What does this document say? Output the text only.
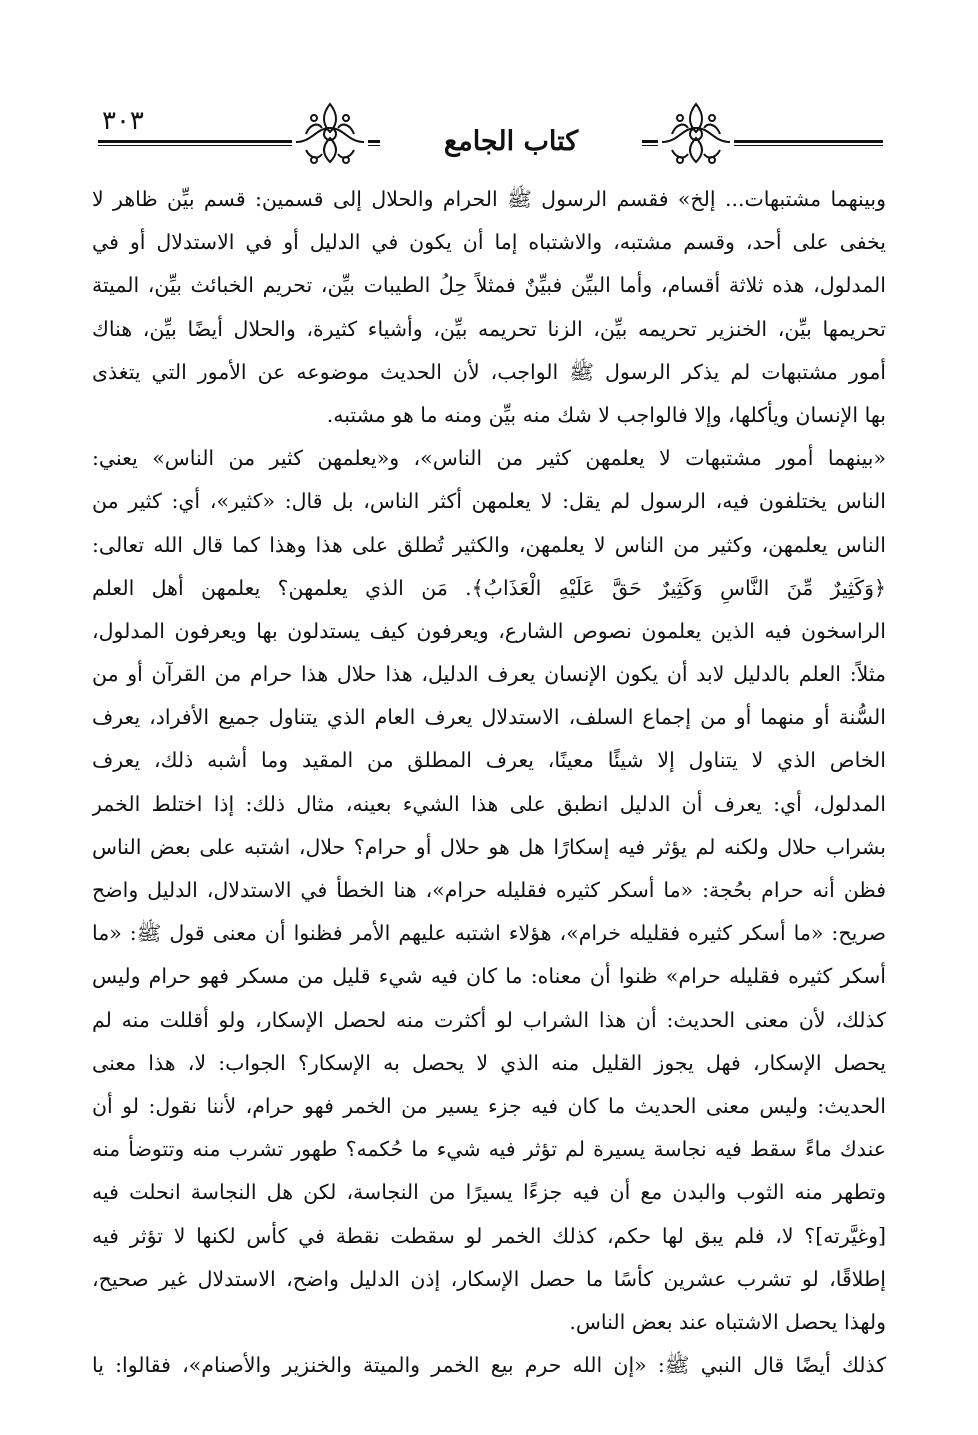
٣٠٣
كتاب الجامع
وبينهما مشتبهات... إلخ» فقسم الرسول ﷺ الحرام والحلال إلى قسمين: قسم بيِّن ظاهر لا
يخفى على أحد، وقسم مشتبه، والاشتباه إما أن يكون في الدليل أو في الاستدلال أو في
المدلول، هذه ثلاثة أقسام، وأما البيِّن فبيِّنٌ فمثلاً حِلُ الطيبات بيِّن، تحريم الخبائث بيِّن، الميتة
تحريمها بيِّن، الخنزير تحريمه بيِّن، الزنا تحريمه بيِّن، وأشياء كثيرة، والحلال أيضًا بيِّن، هناك
أمور مشتبهات لم يذكر الرسول ﷺ الواجب، لأن الحديث موضوعه عن الأمور التي يتغذى
بها الإنسان ويأكلها، وإلا فالواجب لا شك منه بيِّن ومنه ما هو مشتبه.
«بينهما أمور مشتبهات لا يعلمهن كثير من الناس»، و«يعلمهن كثير من الناس» يعني:
الناس يختلفون فيه، الرسول لم يقل: لا يعلمهن أكثر الناس، بل قال: «كثير»، أي: كثير من
الناس يعلمهن، وكثير من الناس لا يعلمهن، والكثير تُطلق على هذا وهذا كما قال الله تعالى:
﴿وَكَثِيرٌ مِّنَ النَّاسِ وَكَثِيرٌ حَقَّ عَلَيْهِ الْعَذَابُ﴾. مَن الذي يعلمهن؟ يعلمهن أهل العلم
الراسخون فيه الذين يعلمون نصوص الشارع، ويعرفون كيف يستدلون بها ويعرفون المدلول،
مثلاً: العلم بالدليل لابد أن يكون الإنسان يعرف الدليل، هذا حلال هذا حرام من القرآن أو من
السُّنة أو منهما أو من إجماع السلف، الاستدلال يعرف العام الذي يتناول جميع الأفراد، يعرف
الخاص الذي لا يتناول إلا شيئًا معينًا، يعرف المطلق من المقيد وما أشبه ذلك، يعرف
المدلول، أي: يعرف أن الدليل انطبق على هذا الشيء بعينه، مثال ذلك: إذا اختلط الخمر
بشراب حلال ولكنه لم يؤثر فيه إسكارًا هل هو حلال أو حرام؟ حلال، اشتبه على بعض الناس
فظن أنه حرام بحُجة: «ما أسكر كثيره فقليله حرام»، هنا الخطأ في الاستدلال، الدليل واضح
صريح: «ما أسكر كثيره فقليله خرام»، هؤلاء اشتبه عليهم الأمر فظنوا أن معنى قول ﷺ: «ما
أسكر كثيره فقليله حرام» ظنوا أن معناه: ما كان فيه شيء قليل من مسكر فهو حرام وليس
كذلك، لأن معنى الحديث: أن هذا الشراب لو أكثرت منه لحصل الإسكار، ولو أقللت منه لم
يحصل الإسكار، فهل يجوز القليل منه الذي لا يحصل به الإسكار؟ الجواب: لا، هذا معنى
الحديث: وليس معنى الحديث ما كان فيه جزء يسير من الخمر فهو حرام، لأننا نقول: لو أن
عندك ماءً سقط فيه نجاسة يسيرة لم تؤثر فيه شيء ما حُكمه؟ طهور تشرب منه وتتوضأ منه
وتطهر منه الثوب والبدن مع أن فيه جزءًا يسيرًا من النجاسة، لكن هل النجاسة انحلت فيه
[وغيَّرته]؟ لا، فلم يبق لها حكم، كذلك الخمر لو سقطت نقطة في كأس لكنها لا تؤثر فيه
إطلاقًا، لو تشرب عشرين كأسًا ما حصل الإسكار، إذن الدليل واضح، الاستدلال غير صحيح،
ولهذا يحصل الاشتباه عند بعض الناس.
كذلك أيضًا قال النبي ﷺ: «إن الله حرم بيع الخمر والميتة والخنزير والأصنام»، فقالوا: يا
